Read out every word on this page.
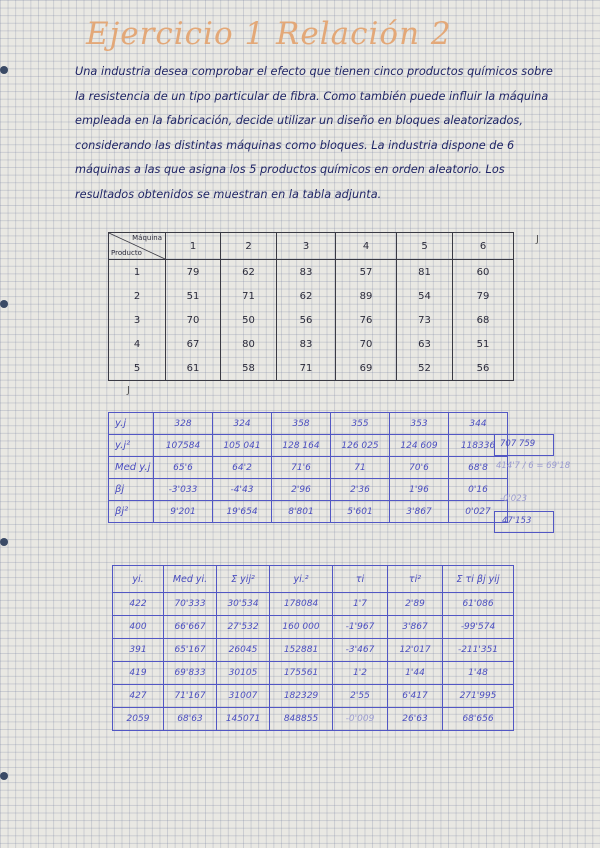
Ejercicio 1 Relación 2
Una industria desea comprobar el efecto que tienen cinco productos químicos sobre la resistencia de un tipo particular de fibra. Como también puede influir la máquina empleada en la fabricación, decide utilizar un diseño en bloques aleatorizados, considerando las distintas máquinas como bloques. La industria dispone de 6 máquinas a las que asigna los 5 productos químicos en orden aleatorio. Los resultados obtenidos se muestran en la tabla adjunta.
Máquina
Producto	1	2	3	4	5	6
1	79	62	83	57	81	60
2	51	71	62	89	54	79
3	70	50	56	76	73	68
4	67	80	83	70	63	51
5	61	58	71	69	52	56
J
J
y.j	328	324	358	355	353	344
y.j²	107584	105 041	128 164	126 025	124 609	118336
Med y.j	65'6	64'2	71'6	71	70'6	68'8
βj	-3'033	-4'43	2'96	2'36	1'96	0'16
βj²	9'201	19'654	8'801	5'601	3'867	0'027
707 759
414'7 / 6 = 69'18
-0'023
47'153
yi.	Med yi.	Σ yij²	yi.²	τi	τi²	Σ τi βj yij
422	70'333	30'534	178084	1'7	2'89	61'086
400	66'667	27'532	160 000	-1'967	3'867	-99'574
391	65'167	26045	152881	-3'467	12'017	-211'351
419	69'833	30105	175561	1'2	1'44	1'48
427	71'167	31007	182329	2'55	6'417	271'995
2059	68'63	145071	848855	-0'009	26'63	68'656
